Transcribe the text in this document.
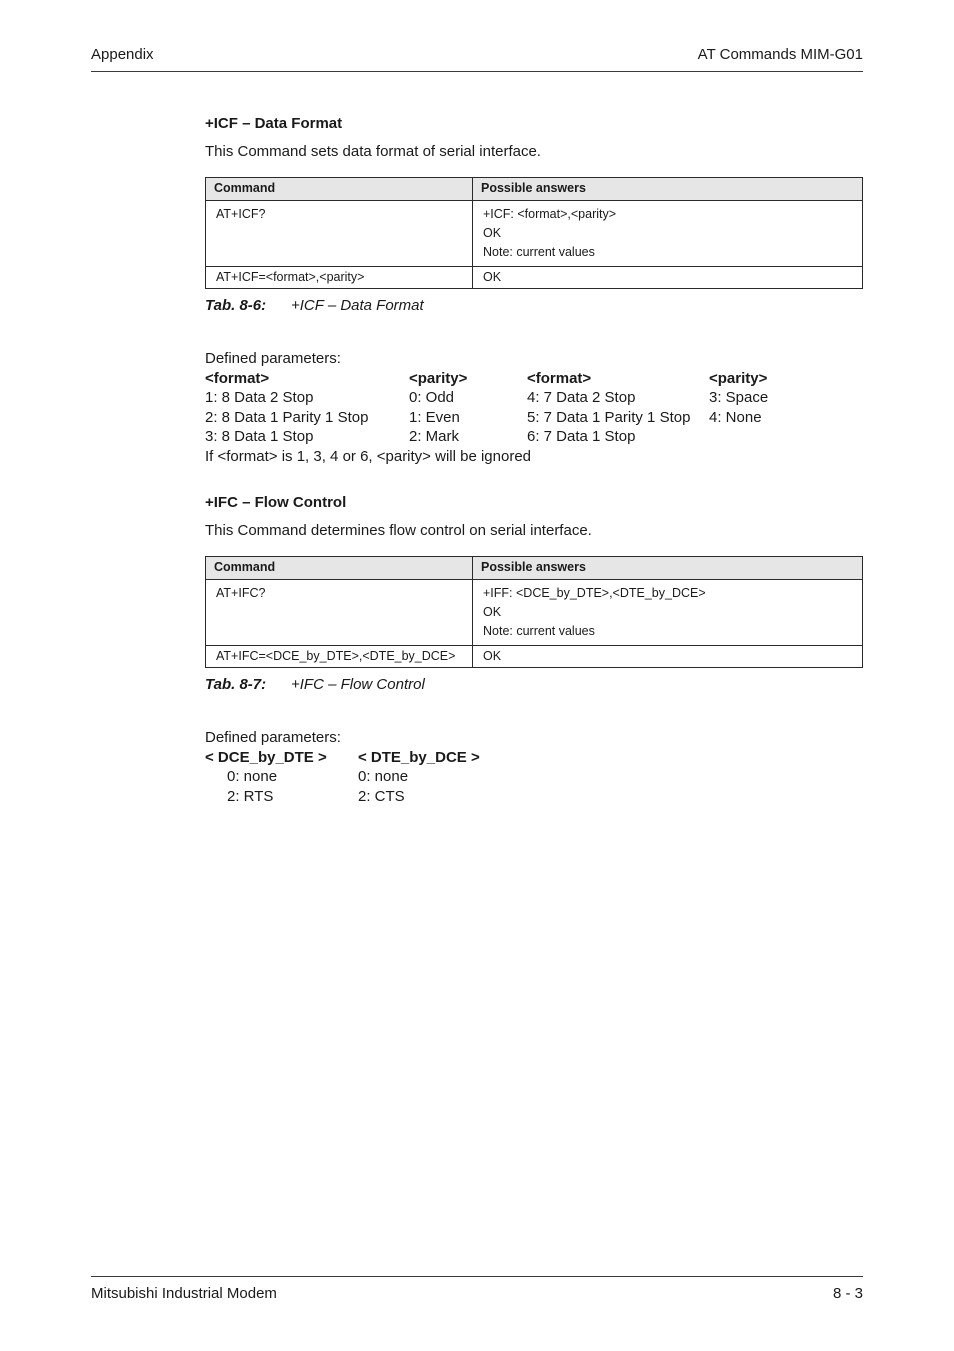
Appendix	AT Commands MIM-G01
+ICF – Data Format
This Command sets data format of serial interface.
Command	Possible answers
AT+ICF?	+ICF: <format>,<parity>
OK
Note: current values

AT+ICF=<format>,<parity>	OK
Tab. 8-6: +ICF – Data Format
Defined parameters:
<format>	<parity>	<format>	<parity>
1: 8 Data 2 Stop	0: Odd	4: 7 Data 2 Stop	3: Space
2: 8 Data 1 Parity 1 Stop	1: Even	5: 7 Data 1 Parity 1 Stop	4: None
3: 8 Data 1 Stop	2: Mark	6: 7 Data 1 Stop
If <format> is 1, 3, 4 or 6, <parity> will be ignored
+IFC – Flow Control
This Command determines flow control on serial interface.
Command	Possible answers
AT+IFC?	+IFF: <DCE_by_DTE>,<DTE_by_DCE>
OK
Note: current values

AT+IFC=<DCE_by_DTE>,<DTE_by_DCE>	OK
Tab. 8-7: +IFC – Flow Control
Defined parameters:
< DCE_by_DTE >	< DTE_by_DCE >
0: none	0: none
2: RTS	2: CTS
Mitsubishi Industrial Modem	8 - 3
